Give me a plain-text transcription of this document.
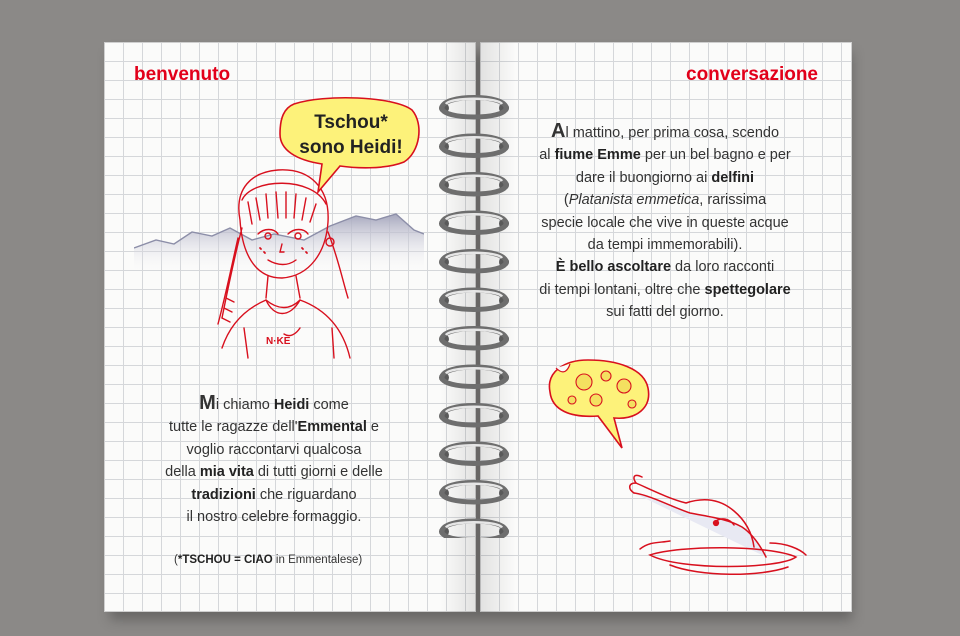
benvenuto
N·KE
Tschou*
sono Heidi!
Mi chiamo Heidi come
tutte le ragazze dell'Emmental e
voglio raccontarvi qualcosa
della mia vita di tutti giorni e delle
tradizioni che riguardano
il nostro celebre formaggio.
(*TSCHOU = CIAO in Emmentalese)
conversazione
Al mattino, per prima cosa, scendo
al fiume Emme per un bel bagno e per
dare il buongiorno ai delfini
(Platanista emmetica, rarissima
specie locale che vive in queste acque
da tempi immemorabili).
È bello ascoltare da loro racconti
di tempi lontani, oltre che spettegolare
sui fatti del giorno.
